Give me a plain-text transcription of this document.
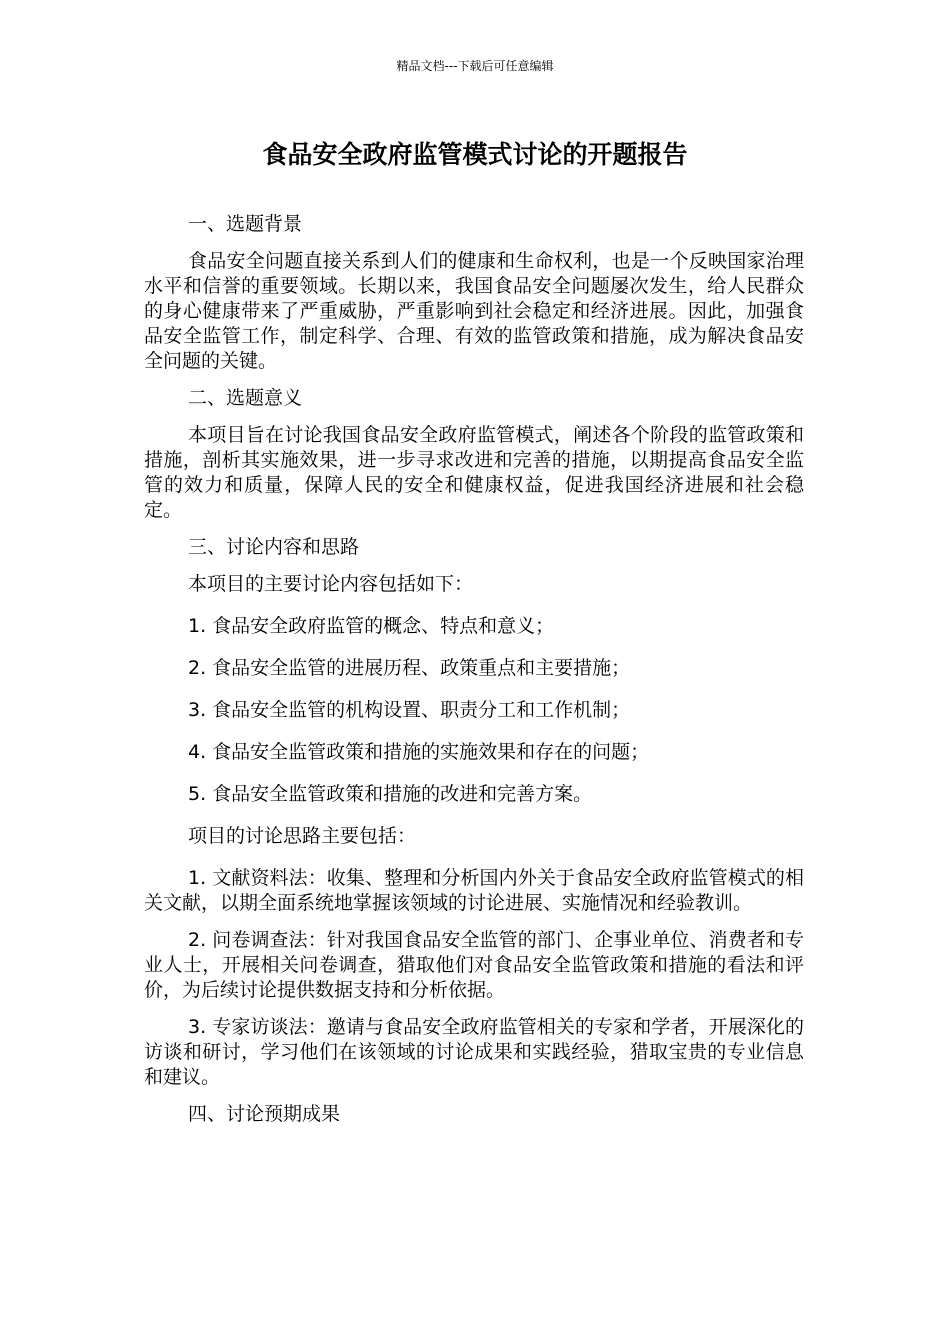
精品文档---下载后可任意编辑
食品安全政府监管模式讨论的开题报告
一、选题背景

食品安全问题直接关系到人们的健康和生命权利，也是一个反映国家治理水平和信誉的重要领域。长期以来，我国食品安全问题屡次发生，给人民群众的身心健康带来了严重威胁，严重影响到社会稳定和经济进展。因此，加强食品安全监管工作，制定科学、合理、有效的监管政策和措施，成为解决食品安全问题的关键。

二、选题意义

本项目旨在讨论我国食品安全政府监管模式，阐述各个阶段的监管政策和措施，剖析其实施效果，进一步寻求改进和完善的措施，以期提高食品安全监管的效力和质量，保障人民的安全和健康权益，促进我国经济进展和社会稳定。

三、讨论内容和思路
本项目的主要讨论内容包括如下：
1. 食品安全政府监管的概念、特点和意义；
2. 食品安全监管的进展历程、政策重点和主要措施；
3. 食品安全监管的机构设置、职责分工和工作机制；
4. 食品安全监管政策和措施的实施效果和存在的问题；
5. 食品安全监管政策和措施的改进和完善方案。
项目的讨论思路主要包括：

1. 文献资料法：收集、整理和分析国内外关于食品安全政府监管模式的相关文献，以期全面系统地掌握该领域的讨论进展、实施情况和经验教训。

2. 问卷调查法：针对我国食品安全监管的部门、企事业单位、消费者和专业人士，开展相关问卷调查，猎取他们对食品安全监管政策和措施的看法和评价，为后续讨论提供数据支持和分析依据。

3. 专家访谈法：邀请与食品安全政府监管相关的专家和学者，开展深化的访谈和研讨，学习他们在该领域的讨论成果和实践经验，猎取宝贵的专业信息和建议。

四、讨论预期成果
